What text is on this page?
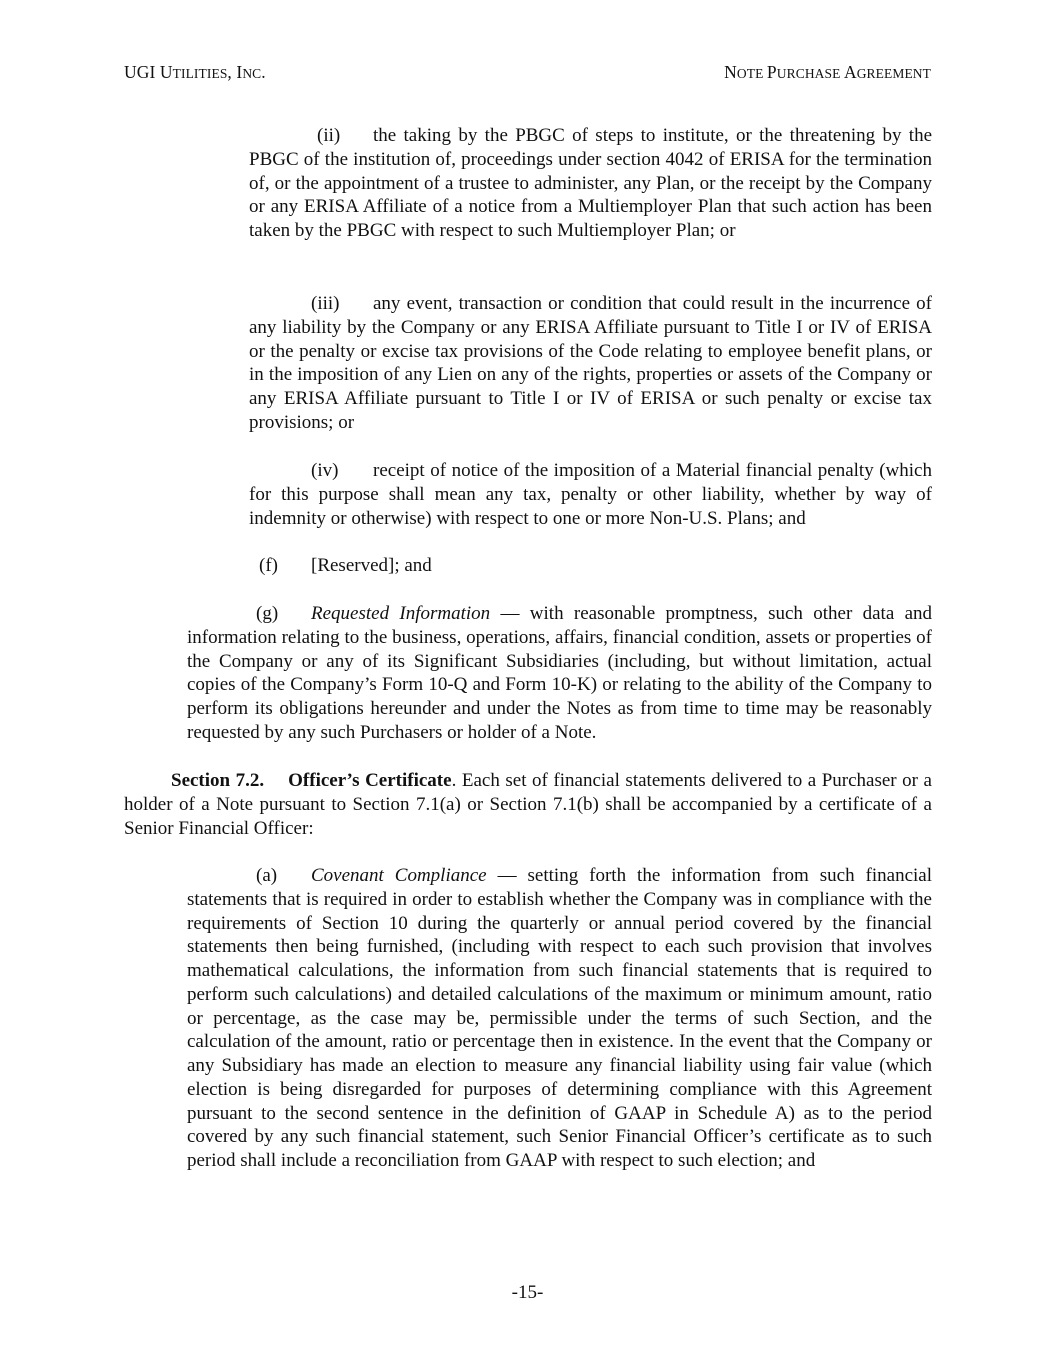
UGI UTILITIES, INC.	NOTE PURCHASE AGREEMENT

(ii) the taking by the PBGC of steps to institute, or the threatening by the PBGC of the institution of, proceedings under section 4042 of ERISA for the termination of, or the appointment of a trustee to administer, any Plan, or the receipt by the Company or any ERISA Affiliate of a notice from a Multiemployer Plan that such action has been taken by the PBGC with respect to such Multiemployer Plan; or

(iii) any event, transaction or condition that could result in the incurrence of any liability by the Company or any ERISA Affiliate pursuant to Title I or IV of ERISA or the penalty or excise tax provisions of the Code relating to employee benefit plans, or in the imposition of any Lien on any of the rights, properties or assets of the Company or any ERISA Affiliate pursuant to Title I or IV of ERISA or such penalty or excise tax provisions; or

(iv) receipt of notice of the imposition of a Material financial penalty (which for this purpose shall mean any tax, penalty or other liability, whether by way of indemnity or otherwise) with respect to one or more Non-U.S. Plans; and

(f) [Reserved]; and

(g) Requested Information — with reasonable promptness, such other data and information relating to the business, operations, affairs, financial condition, assets or properties of the Company or any of its Significant Subsidiaries (including, but without limitation, actual copies of the Company’s Form 10-Q and Form 10-K) or relating to the ability of the Company to perform its obligations hereunder and under the Notes as from time to time may be reasonably requested by any such Purchasers or holder of a Note.

Section 7.2. Officer’s Certificate. Each set of financial statements delivered to a Purchaser or a holder of a Note pursuant to Section 7.1(a) or Section 7.1(b) shall be accompanied by a certificate of a Senior Financial Officer:

(a) Covenant Compliance — setting forth the information from such financial statements that is required in order to establish whether the Company was in compliance with the requirements of Section 10 during the quarterly or annual period covered by the financial statements then being furnished, (including with respect to each such provision that involves mathematical calculations, the information from such financial statements that is required to perform such calculations) and detailed calculations of the maximum or minimum amount, ratio or percentage, as the case may be, permissible under the terms of such Section, and the calculation of the amount, ratio or percentage then in existence. In the event that the Company or any Subsidiary has made an election to measure any financial liability using fair value (which election is being disregarded for purposes of determining compliance with this Agreement pursuant to the second sentence in the definition of GAAP in Schedule A) as to the period covered by any such financial statement, such Senior Financial Officer’s certificate as to such period shall include a reconciliation from GAAP with respect to such election; and

-15-
